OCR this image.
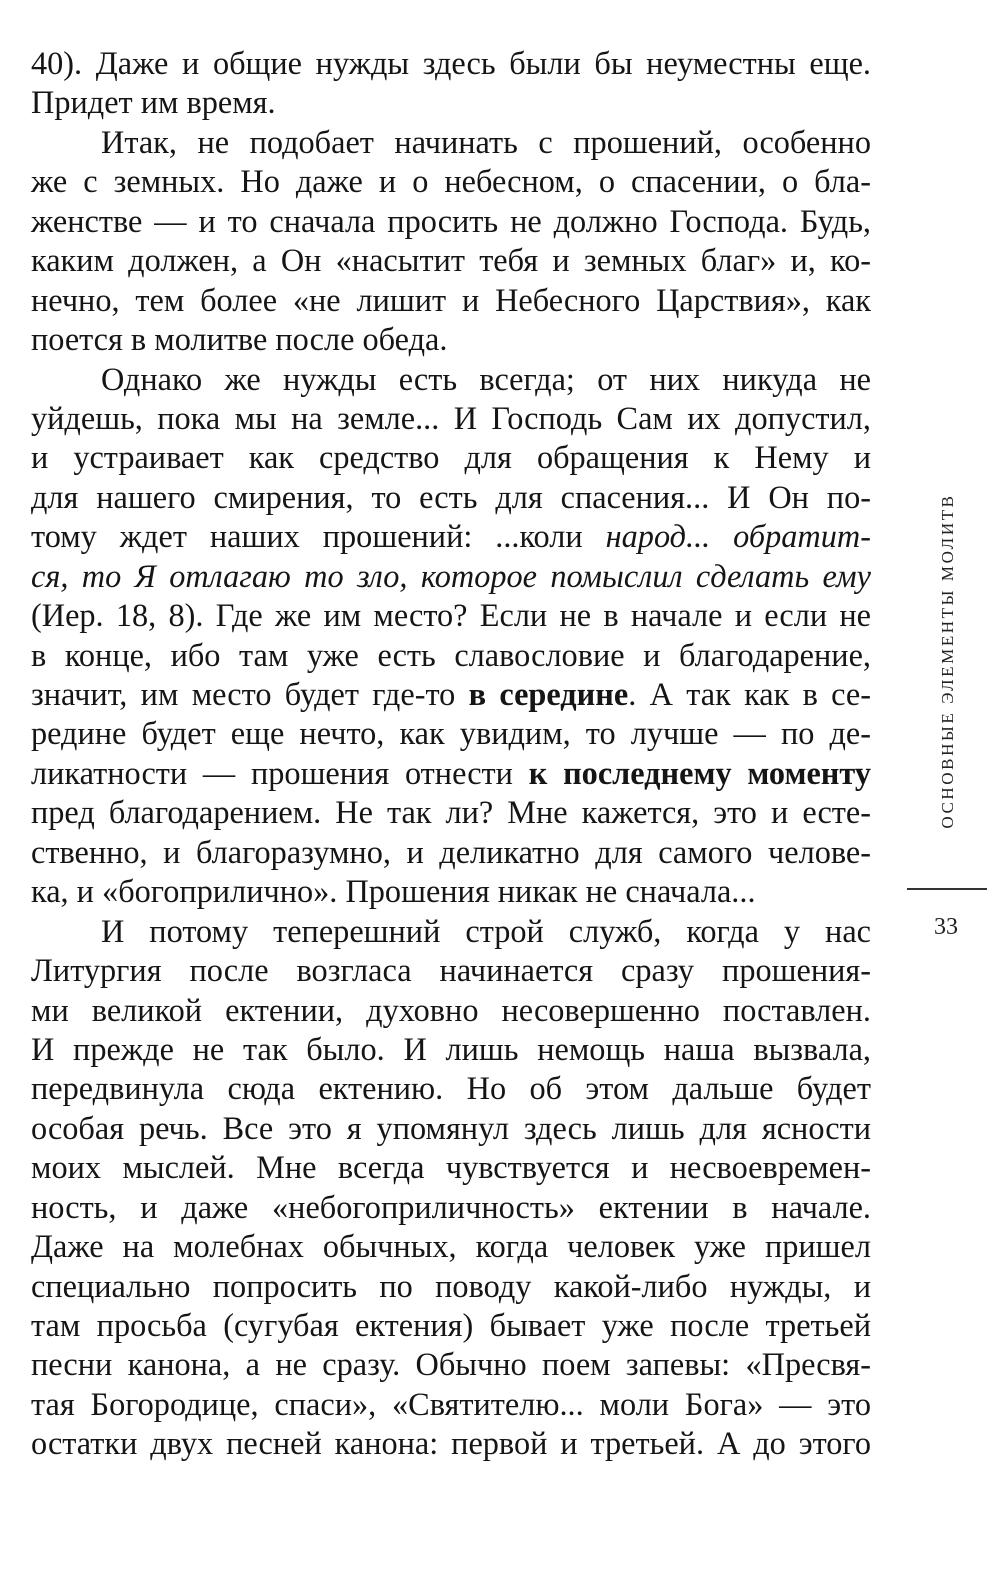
40). Даже и общие нужды здесь были бы неуместны еще.
Придет им время.
Итак, не подобает начинать с прошений, особенно
же с земных. Но даже и о небесном, о спасении, о бла-
женстве — и то сначала просить не должно Господа. Будь,
каким должен, а Он «насытит тебя и земных благ» и, ко-
нечно, тем более «не лишит и Небесного Царствия», как
поется в молитве после обеда.
Однако же нужды есть всегда; от них никуда не
уйдешь, пока мы на земле... И Господь Сам их допустил,
и устраивает как средство для обращения к Нему и
для нашего смирения, то есть для спасения... И Он по-
тому ждет наших прошений: ...коли народ... обратит-
ся, то Я отлагаю то зло, которое помыслил сделать ему
(Иер. 18, 8). Где же им место? Если не в начале и если не
в конце, ибо там уже есть славословие и благодарение,
значит, им место будет где-то в середине. А так как в се-
редине будет еще нечто, как увидим, то лучше — по де-
ликатности — прошения отнести к последнему моменту
пред благодарением. Не так ли? Мне кажется, это и есте-
ственно, и благоразумно, и деликатно для самого челове-
ка, и «богоприлично». Прошения никак не сначала...
И потому теперешний строй служб, когда у нас
Литургия после возгласа начинается сразу прошения-
ми великой ектении, духовно несовершенно поставлен.
И прежде не так было. И лишь немощь наша вызвала,
передвинула сюда ектению. Но об этом дальше будет
особая речь. Все это я упомянул здесь лишь для ясности
моих мыслей. Мне всегда чувствуется и несвоевремен-
ность, и даже «небогоприличность» ектении в начале.
Даже на молебнах обычных, когда человек уже пришел
специально попросить по поводу какой-либо нужды, и
там просьба (сугубая ектения) бывает уже после третьей
песни канона, а не сразу. Обычно поем запевы: «Пресвя-
тая Богородице, спаси», «Святителю... моли Бога» — это
остатки двух песней канона: первой и третьей. А до этого
ОСНОВНЫЕ ЭЛЕМЕНТЫ МОЛИТВ
33
